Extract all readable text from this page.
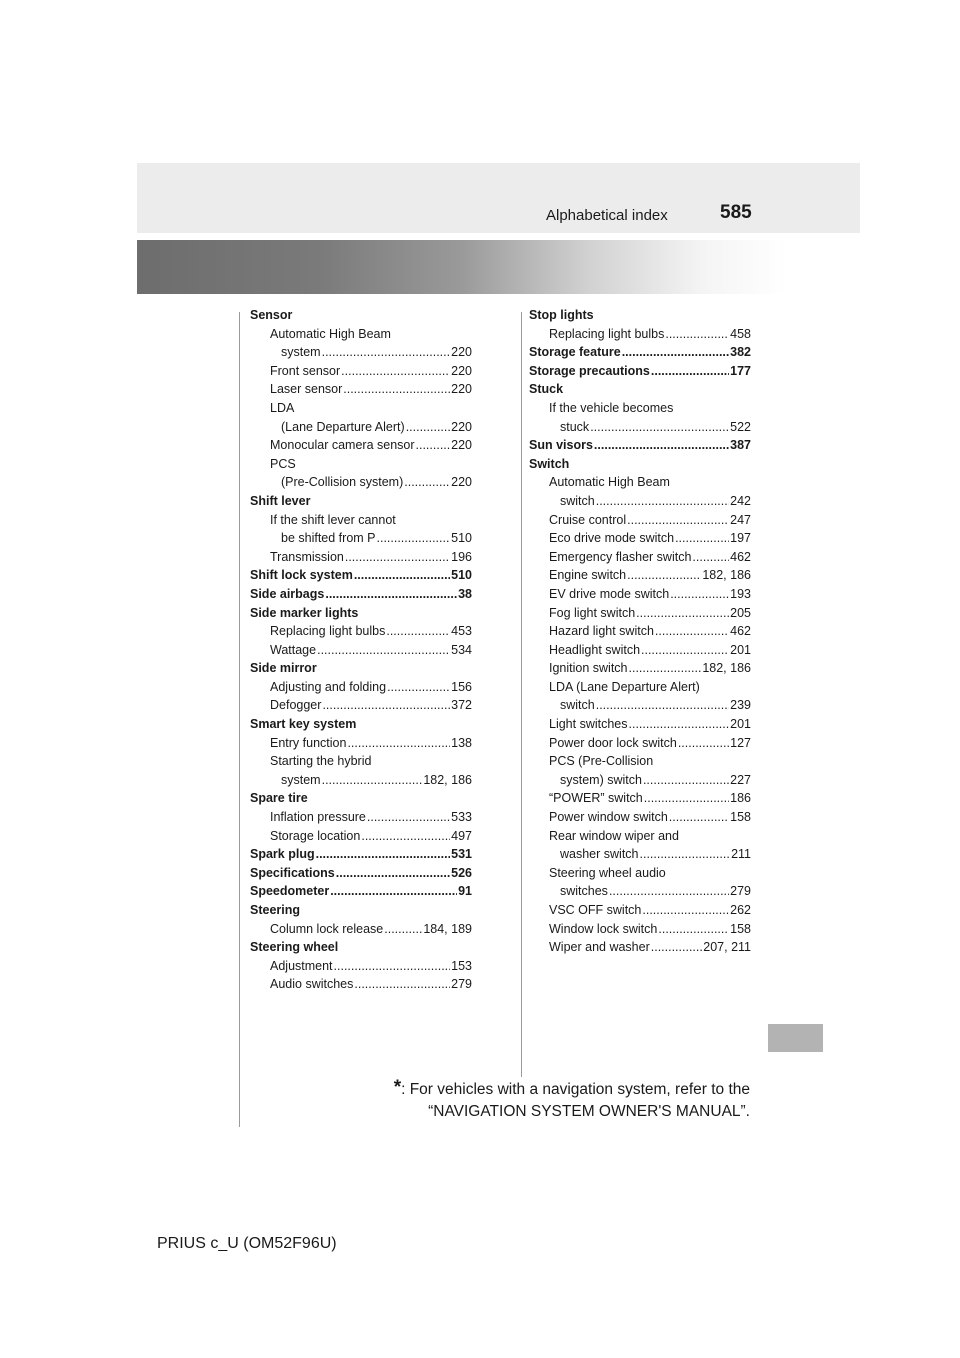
Alphabetical index	585
Sensor
Automatic High Beam
system .....	220
Front sensor .....	220
Laser sensor .....	220
LDA
(Lane Departure Alert) .....	220
Monocular camera sensor .....	220
PCS
(Pre-Collision system) .....	220
Shift lever
If the shift lever cannot
be shifted from P .....	510
Transmission .....	196
Shift lock system .....	510
Side airbags .....	38
Side marker lights
Replacing light bulbs .....	453
Wattage .....	534
Side mirror
Adjusting and folding .....	156
Defogger .....	372
Smart key system
Entry function .....	138
Starting the hybrid
system .....	182, 186
Spare tire
Inflation pressure .....	533
Storage location .....	497
Spark plug .....	531
Specifications .....	526
Speedometer .....	91
Steering
Column lock release .....	184, 189
Steering wheel
Adjustment .....	153
Audio switches .....	279
Stop lights
Replacing light bulbs .....	458
Storage feature .....	382
Storage precautions .....	177
Stuck
If the vehicle becomes
stuck .....	522
Sun visors .....	387
Switch
Automatic High Beam
switch .....	242
Cruise control .....	247
Eco drive mode switch .....	197
Emergency flasher switch .....	462
Engine switch .....	182, 186
EV drive mode switch .....	193
Fog light switch .....	205
Hazard light switch .....	462
Headlight switch .....	201
Ignition switch .....	182, 186
LDA (Lane Departure Alert)
switch .....	239
Light switches .....	201
Power door lock switch .....	127
PCS (Pre-Collision
system) switch .....	227
“POWER” switch .....	186
Power window switch .....	158
Rear window wiper and
washer switch .....	211
Steering wheel audio
switches .....	279
VSC OFF switch .....	262
Window lock switch .....	158
Wiper and washer .....	207, 211
*: For vehicles with a navigation system, refer to the
“NAVIGATION SYSTEM OWNER'S MANUAL”.
PRIUS c_U (OM52F96U)
